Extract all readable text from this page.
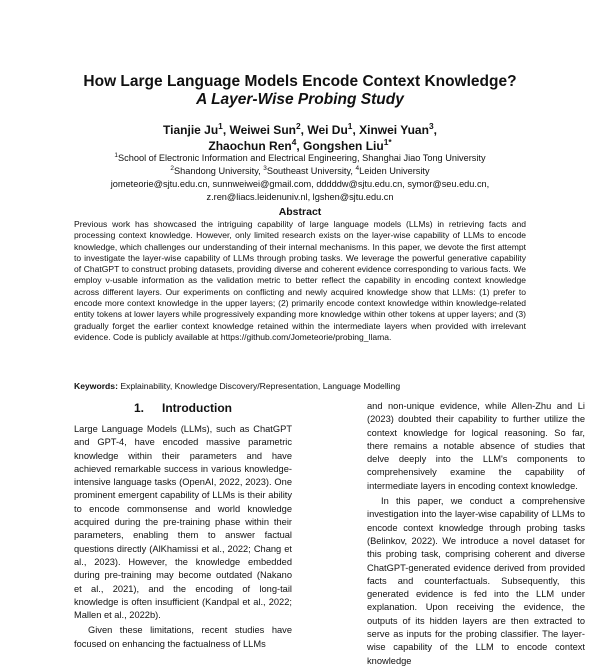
How Large Language Models Encode Context Knowledge?
A Layer-Wise Probing Study
Tianjie Ju$^1$, Weiwei Sun$^2$, Wei Du$^1$, Xinwei Yuan$^3$,
Zhaochun Ren$^4$, Gongshen Liu$^{1*}$
$^1$School of Electronic Information and Electrical Engineering, Shanghai Jiao Tong University
$^2$Shandong University, $^3$Southeast University, $^4$Leiden University
jometeorie@sjtu.edu.cn, sunnweiwei@gmail.com, dddddw@sjtu.edu.cn, symor@seu.edu.cn,
z.ren@liacs.leidenuniv.nl, lgshen@sjtu.edu.cn
Abstract

Previous work has showcased the intriguing capability of large language models (LLMs) in retrieving facts and processing context knowledge. However, only limited research exists on the layer-wise capability of LLMs to encode knowledge, which challenges our understanding of their internal mechanisms. In this paper, we devote the first attempt to investigate the layer-wise capability of LLMs through probing tasks. We leverage the powerful generative capability of ChatGPT to construct probing datasets, providing diverse and coherent evidence corresponding to various facts. We employ ν-usable information as the validation metric to better reflect the capability in encoding context knowledge across different layers. Our experiments on conflicting and newly acquired knowledge show that LLMs: (1) prefer to encode more context knowledge in the upper layers; (2) primarily encode context knowledge within knowledge-related entity tokens at lower layers while progressively expanding more knowledge within other tokens at upper layers; and (3) gradually forget the earlier context knowledge retained within the intermediate layers when provided with irrelevant evidence. Code is publicly available at https://github.com/Jometeorie/probing_llama.

Keywords: Explainability, Knowledge Discovery/Representation, Language Modelling

1. Introduction

Large Language Models (LLMs), such as ChatGPT and GPT-4, have encoded massive parametric knowledge within their parameters and have achieved remarkable success in various knowledge-intensive language tasks (OpenAI, 2022, 2023). One prominent emergent capability of LLMs is their ability to encode commonsense and world knowledge acquired during the pre-training phase within their parameters, enabling them to answer factual questions directly (AlKhamissi et al., 2022; Chang et al., 2023). However, the knowledge embedded during pre-training may become outdated (Nakano et al., 2021), and the encoding of long-tail knowledge is often insufficient (Kandpal et al., 2022; Mallen et al., 2022b).

Given these limitations, recent studies have focused on enhancing the factualness of LLMs

and non-unique evidence, while Allen-Zhu and Li (2023) doubted their capability to further utilize the context knowledge for logical reasoning. So far, there remains a notable absence of studies that delve deeply into the LLM's components to comprehensively examine the capability of intermediate layers in encoding context knowledge.

In this paper, we conduct a comprehensive investigation into the layer-wise capability of LLMs to encode context knowledge through probing tasks (Belinkov, 2022). We introduce a novel dataset for this probing task, comprising coherent and diverse ChatGPT-generated evidence derived from provided facts and counterfactuals. Subsequently, this generated evidence is fed into the LLM under explanation. Upon receiving the evidence, the outputs of its hidden layers are then extracted to serve as inputs for the probing classifier. The layer-wise capability of the LLM to encode context knowledge
